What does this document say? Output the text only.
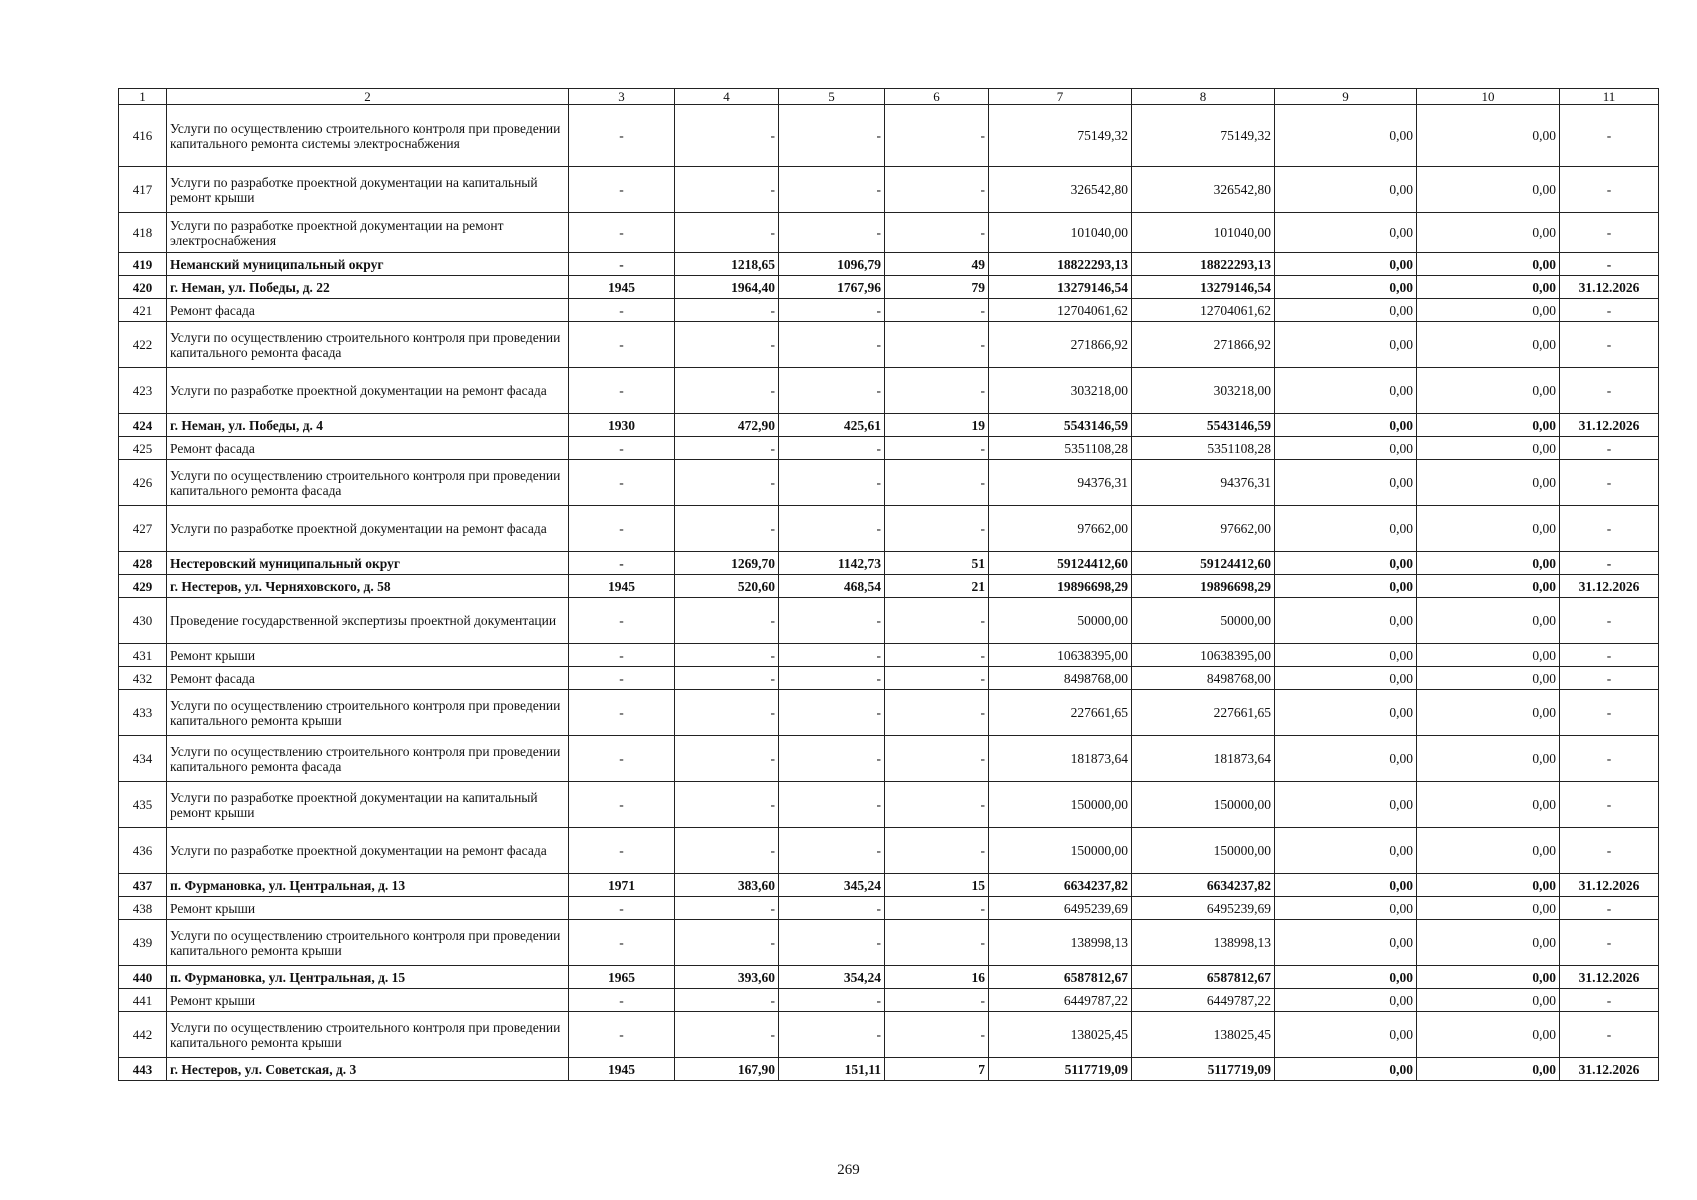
1	2	3	4	5	6	7	8	9	10	11
416	Услуги по осуществлению строительного контроля при проведении капитального ремонта системы электроснабжения	-	-	-	-	75149,32	75149,32	0,00	0,00	-
417	Услуги по разработке проектной документации на капитальный ремонт крыши	-	-	-	-	326542,80	326542,80	0,00	0,00	-
418	Услуги по разработке проектной документации на ремонт электроснабжения	-	-	-	-	101040,00	101040,00	0,00	0,00	-
419	Неманский муниципальный округ	-	1218,65	1096,79	49	18822293,13	18822293,13	0,00	0,00	-
420	г. Неман, ул. Победы, д. 22	1945	1964,40	1767,96	79	13279146,54	13279146,54	0,00	0,00	31.12.2026
421	Ремонт фасада	-	-	-	-	12704061,62	12704061,62	0,00	0,00	-
422	Услуги по осуществлению строительного контроля при проведении капитального ремонта фасада	-	-	-	-	271866,92	271866,92	0,00	0,00	-
423	Услуги по разработке проектной документации на ремонт фасада	-	-	-	-	303218,00	303218,00	0,00	0,00	-
424	г. Неман, ул. Победы, д. 4	1930	472,90	425,61	19	5543146,59	5543146,59	0,00	0,00	31.12.2026
425	Ремонт фасада	-	-	-	-	5351108,28	5351108,28	0,00	0,00	-
426	Услуги по осуществлению строительного контроля при проведении капитального ремонта фасада	-	-	-	-	94376,31	94376,31	0,00	0,00	-
427	Услуги по разработке проектной документации на ремонт фасада	-	-	-	-	97662,00	97662,00	0,00	0,00	-
428	Нестеровский муниципальный округ	-	1269,70	1142,73	51	59124412,60	59124412,60	0,00	0,00	-
429	г. Нестеров, ул. Черняховского, д. 58	1945	520,60	468,54	21	19896698,29	19896698,29	0,00	0,00	31.12.2026
430	Проведение государственной экспертизы проектной документации	-	-	-	-	50000,00	50000,00	0,00	0,00	-
431	Ремонт крыши	-	-	-	-	10638395,00	10638395,00	0,00	0,00	-
432	Ремонт фасада	-	-	-	-	8498768,00	8498768,00	0,00	0,00	-
433	Услуги по осуществлению строительного контроля при проведении капитального ремонта крыши	-	-	-	-	227661,65	227661,65	0,00	0,00	-
434	Услуги по осуществлению строительного контроля при проведении капитального ремонта фасада	-	-	-	-	181873,64	181873,64	0,00	0,00	-
435	Услуги по разработке проектной документации на капитальный ремонт крыши	-	-	-	-	150000,00	150000,00	0,00	0,00	-
436	Услуги по разработке проектной документации на ремонт фасада	-	-	-	-	150000,00	150000,00	0,00	0,00	-
437	п. Фурмановка, ул. Центральная, д. 13	1971	383,60	345,24	15	6634237,82	6634237,82	0,00	0,00	31.12.2026
438	Ремонт крыши	-	-	-	-	6495239,69	6495239,69	0,00	0,00	-
439	Услуги по осуществлению строительного контроля при проведении капитального ремонта крыши	-	-	-	-	138998,13	138998,13	0,00	0,00	-
440	п. Фурмановка, ул. Центральная, д. 15	1965	393,60	354,24	16	6587812,67	6587812,67	0,00	0,00	31.12.2026
441	Ремонт крыши	-	-	-	-	6449787,22	6449787,22	0,00	0,00	-
442	Услуги по осуществлению строительного контроля при проведении капитального ремонта крыши	-	-	-	-	138025,45	138025,45	0,00	0,00	-
443	г. Нестеров, ул. Советская, д. 3	1945	167,90	151,11	7	5117719,09	5117719,09	0,00	0,00	31.12.2026
269
